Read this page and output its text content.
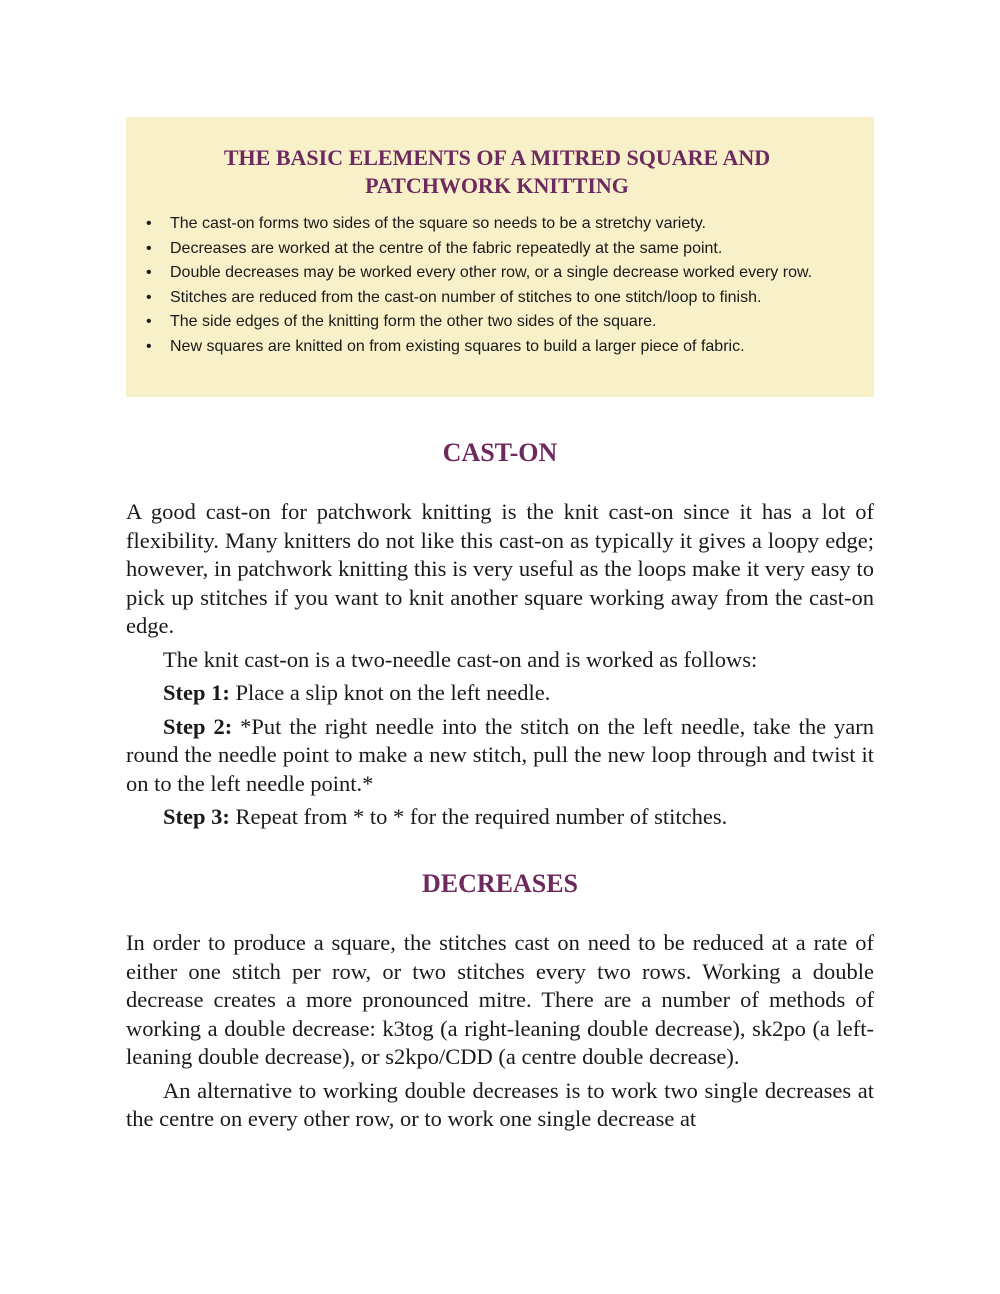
THE BASIC ELEMENTS OF A MITRED SQUARE AND PATCHWORK KNITTING
• The cast-on forms two sides of the square so needs to be a stretchy variety.
• Decreases are worked at the centre of the fabric repeatedly at the same point.
• Double decreases may be worked every other row, or a single decrease worked every row.
• Stitches are reduced from the cast-on number of stitches to one stitch/loop to finish.
• The side edges of the knitting form the other two sides of the square.
• New squares are knitted on from existing squares to build a larger piece of fabric.
CAST-ON

A good cast-on for patchwork knitting is the knit cast-on since it has a lot of flexibility. Many knitters do not like this cast-on as typically it gives a loopy edge; however, in patchwork knitting this is very useful as the loops make it very easy to pick up stitches if you want to knit another square working away from the cast-on edge.

The knit cast-on is a two-needle cast-on and is worked as follows:

Step 1: Place a slip knot on the left needle.

Step 2: *Put the right needle into the stitch on the left needle, take the yarn round the needle point to make a new stitch, pull the new loop through and twist it on to the left needle point.*

Step 3: Repeat from * to * for the required number of stitches.

DECREASES

In order to produce a square, the stitches cast on need to be reduced at a rate of either one stitch per row, or two stitches every two rows. Working a double decrease creates a more pronounced mitre. There are a number of methods of working a double decrease: k3tog (a right-leaning double decrease), sk2po (a left-leaning double decrease), or s2kpo/CDD (a centre double decrease).

An alternative to working double decreases is to work two single decreases at the centre on every other row, or to work one single decrease at
